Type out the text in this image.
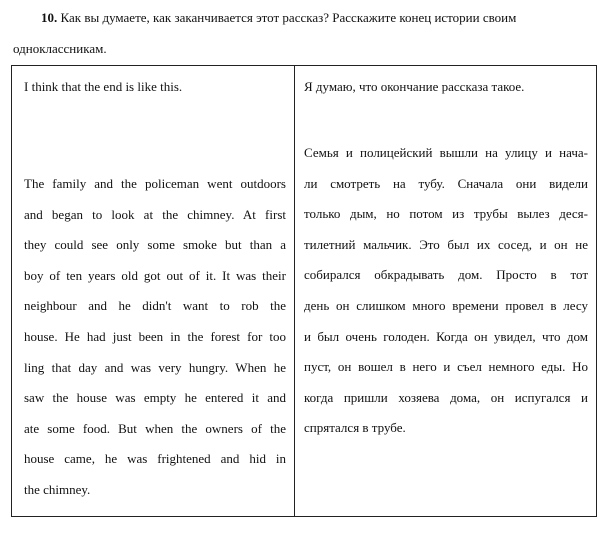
10. Как вы думаете, как заканчивается этот рассказ? Расскажите конец истории своим
одноклассникам.
I think that the end is like this.	Я думаю, что окончание рассказа такое.
The family and the policeman went outdoors
and began to look at the chimney. At first
they could see only some smoke but than a
boy of ten years old got out of it. It was their
neighbour and he didn't want to rob the
house. He had just been in the forest for too
ling that day and was very hungry. When he
saw the house was empty he entered it and
ate some food. But when the owners of the
house came, he was frightened and hid in
the chimney.
Семья и полицейский вышли на улицу и нача-
ли смотреть на тубу. Сначала они видели
только дым, но потом из трубы вылез деся-
тилетний мальчик. Это был их сосед, и он не
собирался обкрадывать дом. Просто в тот
день он слишком много времени провел в лесу
и был очень голоден. Когда он увидел, что дом
пуст, он вошел в него и съел немного еды. Но
когда пришли хозяева дома, он испугался и
спрятался в трубе.
